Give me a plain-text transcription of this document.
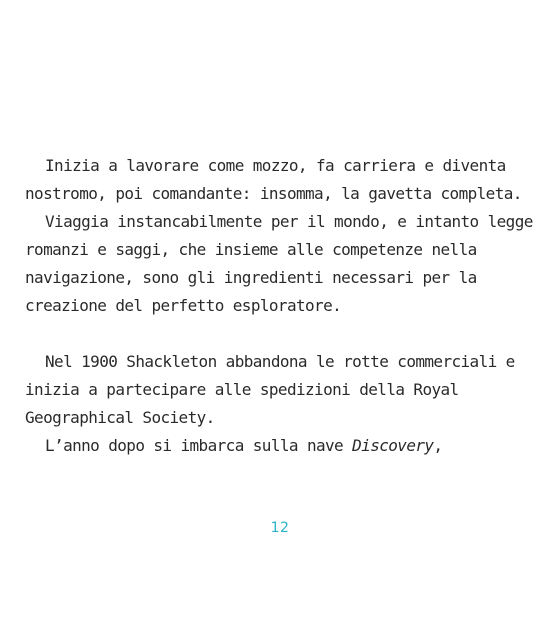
Inizia a lavorare come mozzo, fa carriera e diventa nostromo, poi comandante: insomma, la gavetta completa.

Viaggia instancabilmente per il mondo, e intanto legge romanzi e saggi, che insieme alle competenze nella navigazione, sono gli ingredienti necessari per la creazione del perfetto esploratore.

Nel 1900 Shackleton abbandona le rotte commerciali e inizia a partecipare alle spedizioni della Royal Geographical Society.

L’anno dopo si imbarca sulla nave Discovery,

12
